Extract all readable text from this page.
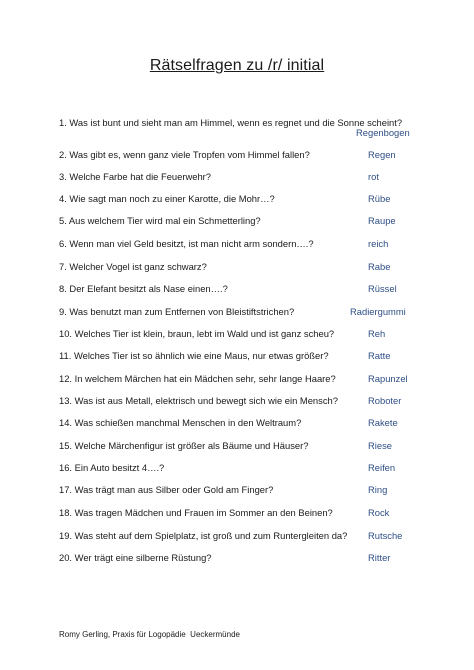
Rätselfragen zu /r/ initial
1. Was ist bunt und sieht man am Himmel, wenn es regnet und die Sonne scheint?
Regenbogen
2. Was gibt es, wenn ganz viele Tropfen vom Himmel fallen?	Regen
3. Welche Farbe hat die Feuerwehr?	rot
4. Wie sagt man noch zu einer Karotte, die Mohr…?	Rübe
5. Aus welchem Tier wird mal ein Schmetterling?	Raupe
6. Wenn man viel Geld besitzt, ist man nicht arm sondern….?	reich
7. Welcher Vogel ist ganz schwarz?	Rabe
8. Der Elefant besitzt als Nase einen….?	Rüssel
9. Was benutzt man zum Entfernen von Bleistiftstrichen?	Radiergummi
10. Welches Tier ist klein, braun, lebt im Wald und ist ganz scheu?	Reh
11. Welches Tier ist so ähnlich wie eine Maus, nur etwas größer?	Ratte
12. In welchem Märchen hat ein Mädchen sehr, sehr lange Haare?	Rapunzel
13. Was ist aus Metall, elektrisch und bewegt sich wie ein Mensch?	Roboter
14. Was schießen manchmal Menschen in den Weltraum?	Rakete
15. Welche Märchenfigur ist größer als Bäume und Häuser?	Riese
16. Ein Auto besitzt 4….?	Reifen
17. Was trägt man aus Silber oder Gold am Finger?	Ring
18. Was tragen Mädchen und Frauen im Sommer an den Beinen?	Rock
19. Was steht auf dem Spielplatz, ist groß und zum Runtergleiten da?	Rutsche
20. Wer trägt eine silberne Rüstung?	Ritter
Romy Gerling, Praxis für Logopädie  Ueckermünde
